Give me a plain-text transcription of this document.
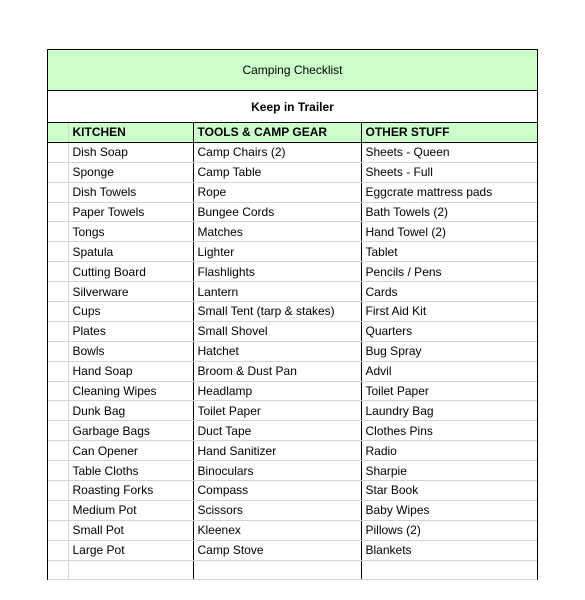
Camping Checklist
Keep in Trailer
	KITCHEN	TOOLS & CAMP GEAR	OTHER STUFF
	Dish Soap	Camp Chairs (2)	Sheets - Queen
	Sponge	Camp Table	Sheets - Full
	Dish Towels	Rope	Eggcrate mattress pads
	Paper Towels	Bungee Cords	Bath Towels (2)
	Tongs	Matches	Hand Towel (2)
	Spatula	Lighter	Tablet
	Cutting Board	Flashlights	Pencils / Pens
	Silverware	Lantern	Cards
	Cups	Small Tent (tarp & stakes)	First Aid Kit
	Plates	Small Shovel	Quarters
	Bowls	Hatchet	Bug Spray
	Hand Soap	Broom & Dust Pan	Advil
	Cleaning Wipes	Headlamp	Toilet Paper
	Dunk Bag	Toilet Paper	Laundry Bag
	Garbage Bags	Duct Tape	Clothes Pins
	Can Opener	Hand Sanitizer	Radio
	Table Cloths	Binoculars	Sharpie
	Roasting Forks	Compass	Star Book
	Medium Pot	Scissors	Baby Wipes
	Small Pot	Kleenex	Pillows (2)
	Large Pot	Camp Stove	Blankets
